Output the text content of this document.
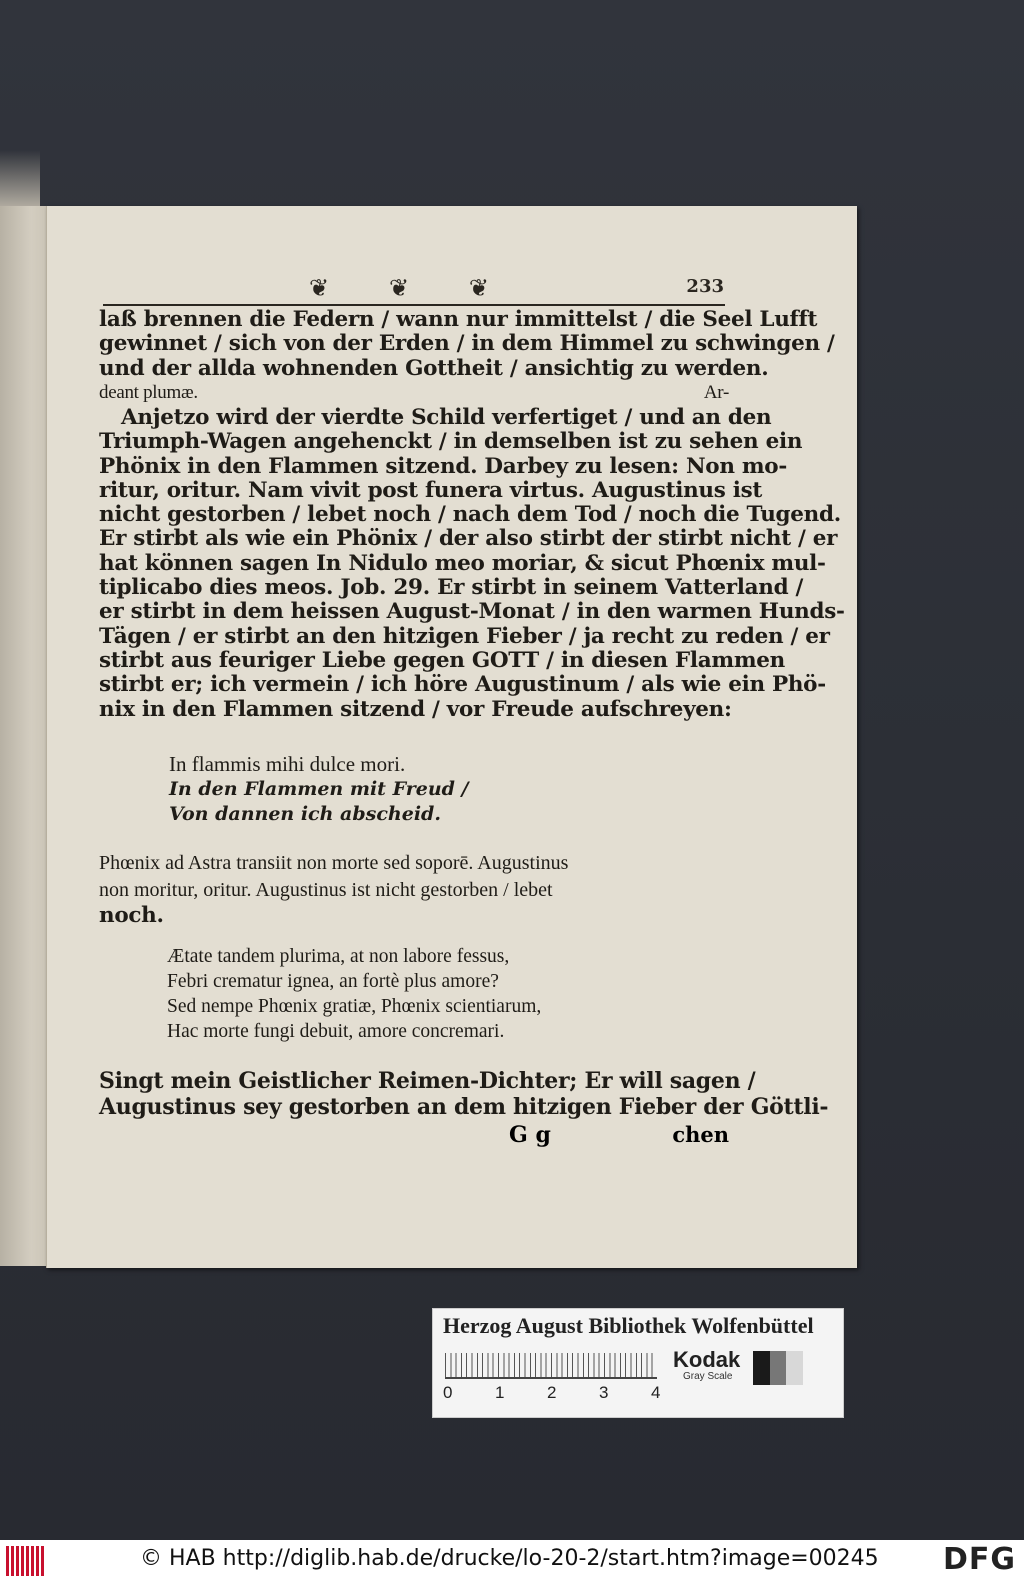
❦ ❦ ❦	233
laß brennen die Federn / wann nur immittelst / die Seel Lufft
gewinnet / sich von der Erden / in dem Himmel zu schwingen /
und der allda wohnenden Gottheit / ansichtig zu werden.
Ar-
deant plumæ.
Anjetzo wird der vierdte Schild verfertiget / und an den
Triumph-Wagen angehenckt / in demselben ist zu sehen ein
Phönix in den Flammen sitzend. Darbey zu lesen: Non mo-
ritur, oritur. Nam vivit post funera virtus. Augustinus ist
nicht gestorben / lebet noch / nach dem Tod / noch die Tugend.
Er stirbt als wie ein Phönix / der also stirbt der stirbt nicht / er
hat können sagen In Nidulo meo moriar, & sicut Phœnix mul-
tiplicabo dies meos. Job. 29. Er stirbt in seinem Vatterland /
er stirbt in dem heissen August-Monat / in den warmen Hunds-
Tägen / er stirbt an den hitzigen Fieber / ja recht zu reden / er
stirbt aus feuriger Liebe gegen GOTT / in diesen Flammen
stirbt er; ich vermein / ich höre Augustinum / als wie ein Phö-
nix in den Flammen sitzend / vor Freude aufschreyen:
In flammis mihi dulce mori.
In den Flammen mit Freud /
Von dannen ich abscheid.
Phœnix ad Astra transiit non morte sed soporē. Augustinus
non moritur, oritur. Augustinus ist nicht gestorben / lebet
noch.
Ætate tandem plurima, at non labore fessus,
Febri crematur ignea, an fortè plus amore?
Sed nempe Phœnix gratiæ, Phœnix scientiarum,
Hac morte fungi debuit, amore concremari.
Singt mein Geistlicher Reimen-Dichter; Er will sagen /
Augustinus sey gestorben an dem hitzigen Fieber der Göttli-
G g	chen
Herzog August Bibliothek Wolfenbüttel
0	1	2	3	4
Kodak
Gray Scale
© HAB http://diglib.hab.de/drucke/lo-20-2/start.htm?image=00245 DFG
